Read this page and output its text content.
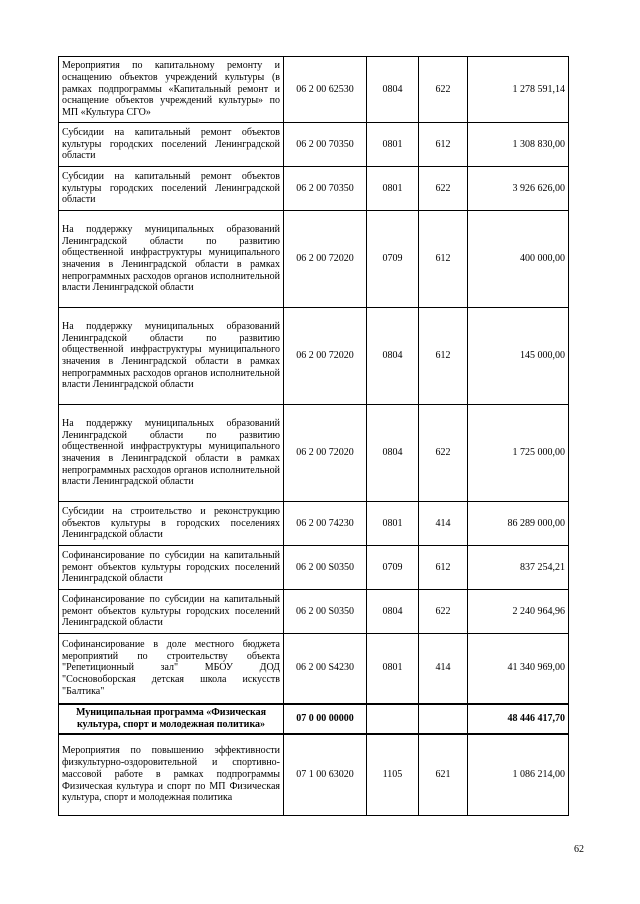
Мероприятия по капитальному ремонту и оснащению объектов учреждений культуры (в рамках подпрограммы «Капитальный ремонт и оснащение объектов учреждений культуры» по МП «Культура СГО»	06 2 00 62530	0804	622	1 278 591,14
Субсидии на капитальный ремонт объектов культуры городских поселений Ленинградской области	06 2 00 70350	0801	612	1 308 830,00
Субсидии на капитальный ремонт объектов культуры городских поселений Ленинградской области	06 2 00 70350	0801	622	3 926 626,00
На поддержку муниципальных образований Ленинградской области по развитию общественной инфраструктуры муниципального значения в Ленинградской области в рамках непрограммных расходов органов исполнительной власти Ленинградской области	06 2 00 72020	0709	612	400 000,00
На поддержку муниципальных образований Ленинградской области по развитию общественной инфраструктуры муниципального значения в Ленинградской области в рамках непрограммных расходов органов исполнительной власти Ленинградской области	06 2 00 72020	0804	612	145 000,00
На поддержку муниципальных образований Ленинградской области по развитию общественной инфраструктуры муниципального значения в Ленинградской области в рамках непрограммных расходов органов исполнительной власти Ленинградской области	06 2 00 72020	0804	622	1 725 000,00
Субсидии на строительство и реконструкцию объектов культуры в городских поселениях Ленинградской области	06 2 00 74230	0801	414	86 289 000,00
Софинансирование по субсидии на капитальный ремонт объектов культуры городских поселений Ленинградской области	06 2 00 S0350	0709	612	837 254,21
Софинансирование по субсидии на капитальный ремонт объектов культуры городских поселений Ленинградской области	06 2 00 S0350	0804	622	2 240 964,96
Софинансирование в доле местного бюджета мероприятий по строительству объекта "Репетиционный зал" МБОУ ДОД "Сосновоборская детская школа искусств "Балтика"	06 2 00 S4230	0801	414	41 340 969,00
Муниципальная программа «Физическая культура, спорт и молодежная политика»	07 0 00 00000			48 446 417,70
Мероприятия по повышению эффективности физкультурно-оздоровительной и спортивно-массовой работе в рамках подпрограммы Физическая культура и спорт по МП Физическая культура, спорт и молодежная политика	07 1 00 63020	1105	621	1 086 214,00
62
